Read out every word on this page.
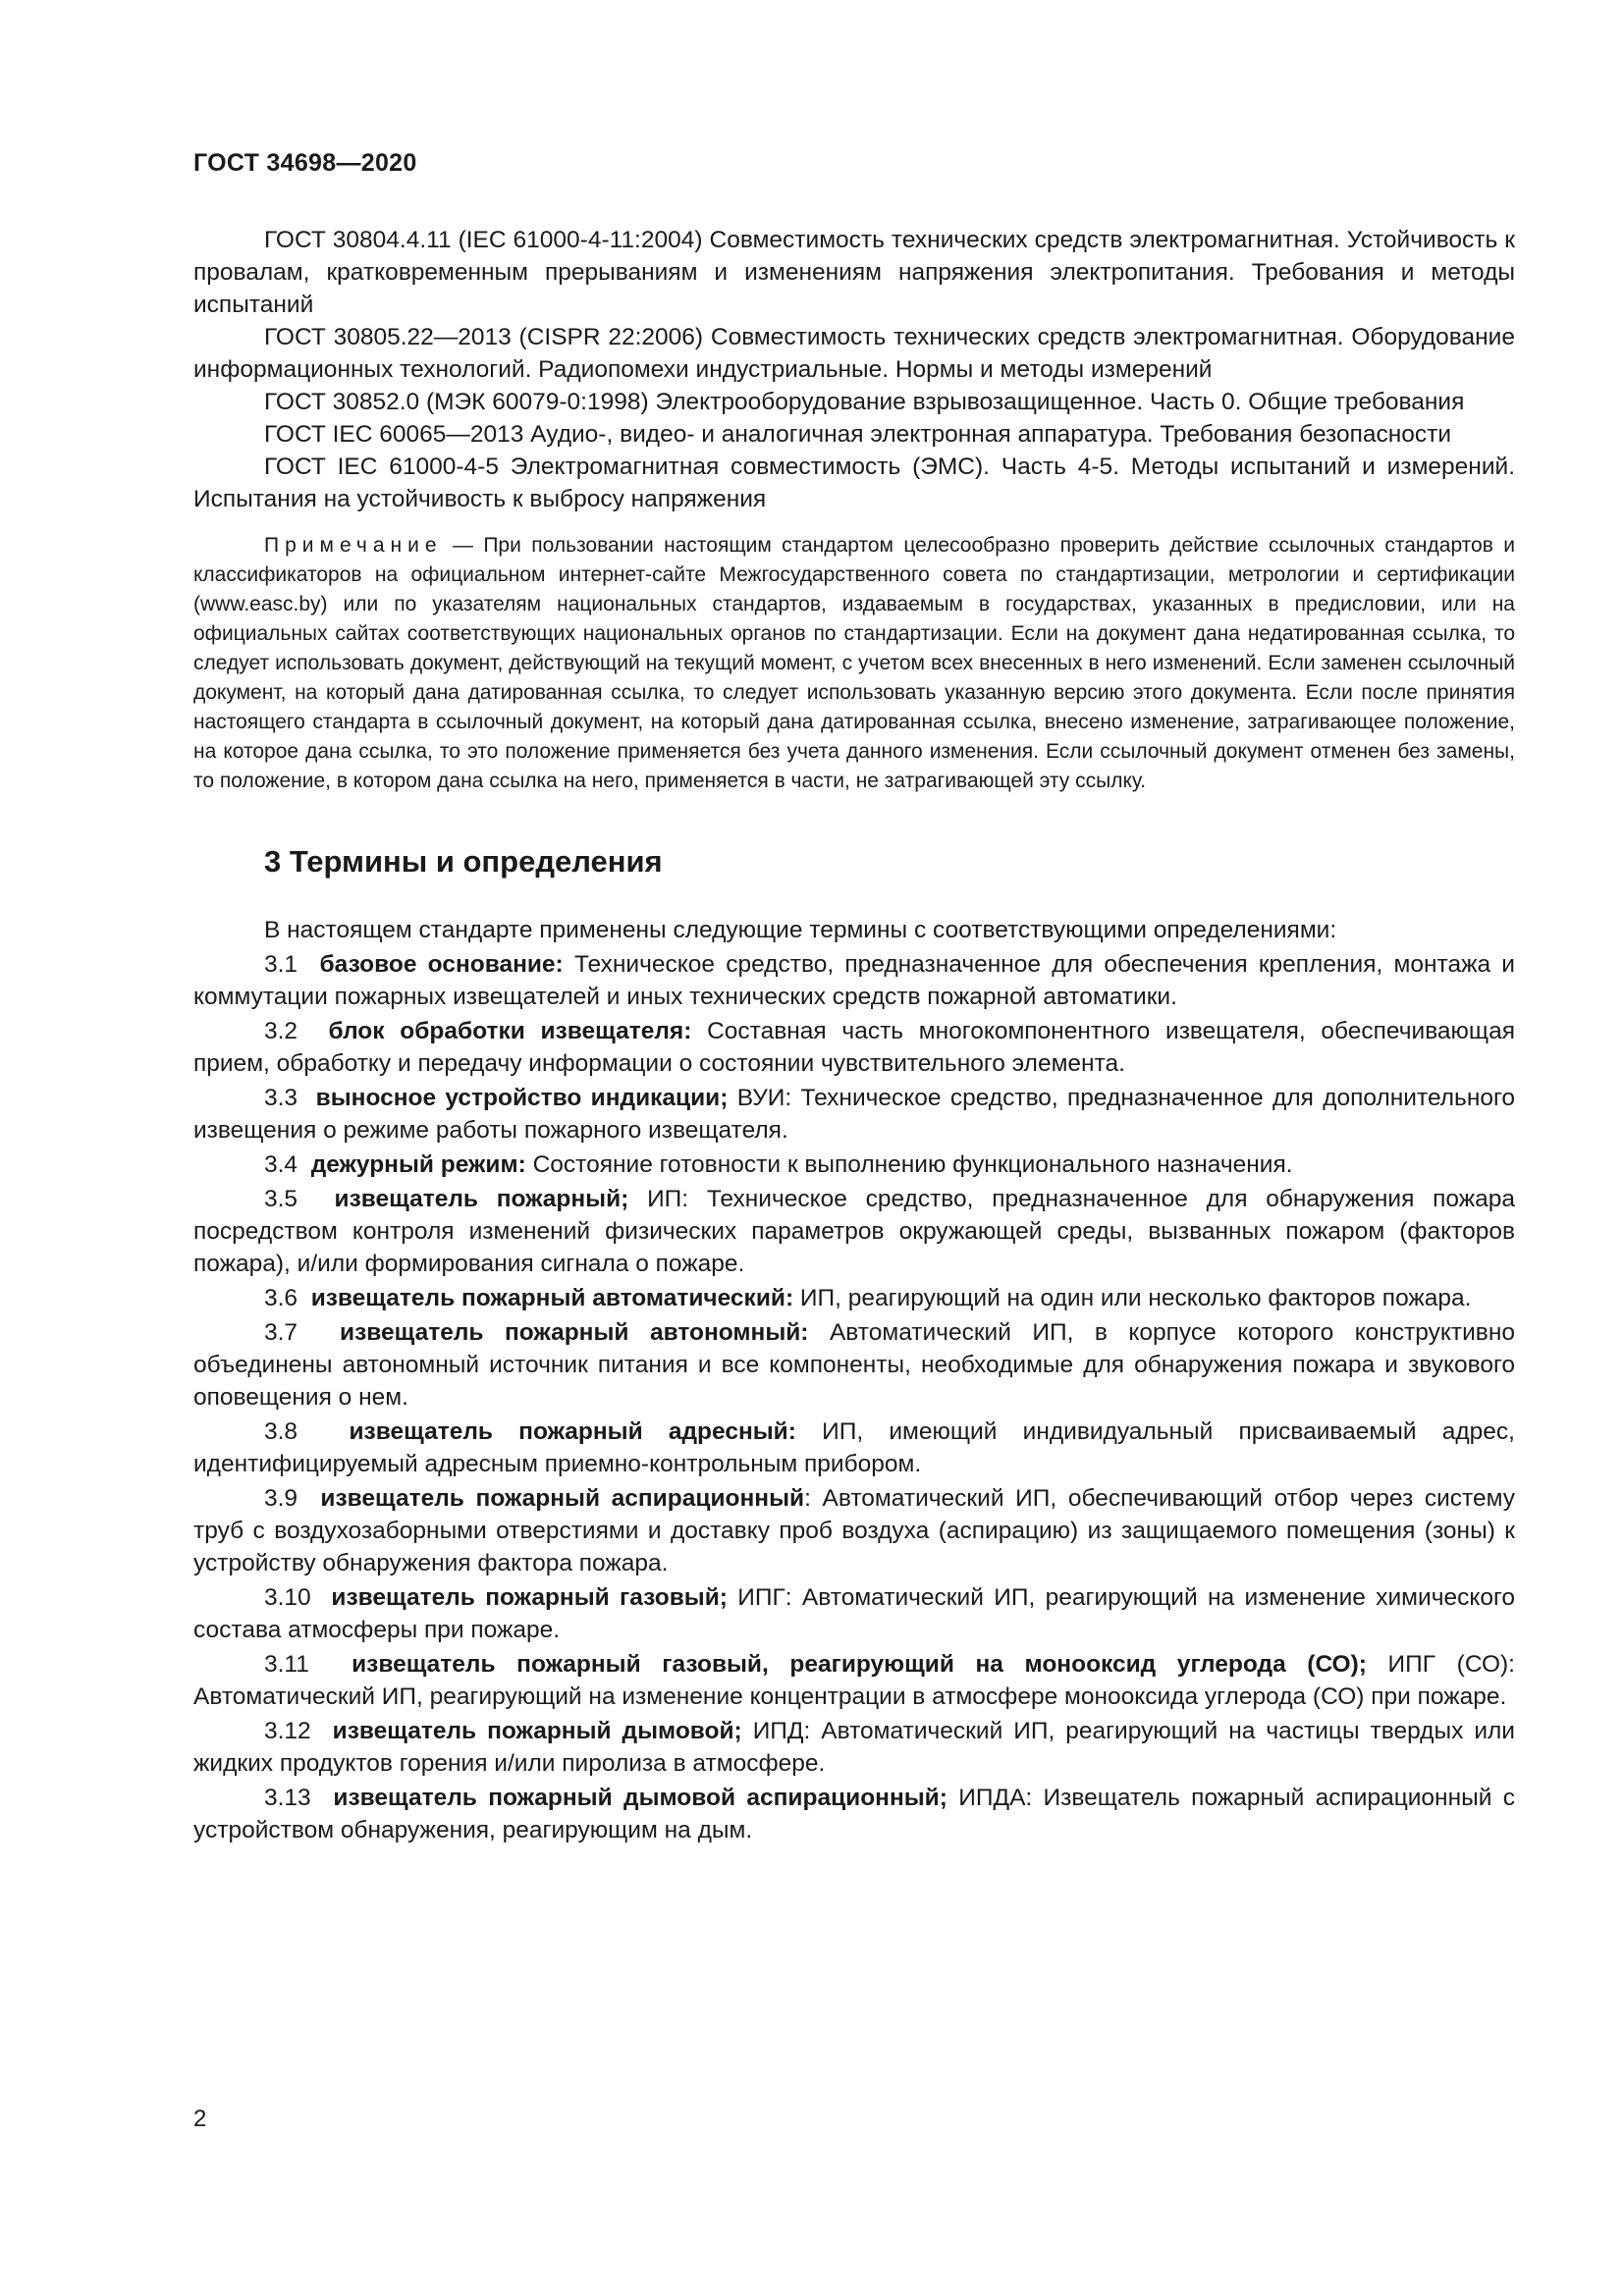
ГОСТ 34698—2020

ГОСТ 30804.4.11 (IEC 61000-4-11:2004) Совместимость технических средств электромагнитная. Устойчивость к провалам, кратковременным прерываниям и изменениям напряжения электропитания. Требования и методы испытаний

ГОСТ 30805.22—2013 (CISPR 22:2006) Совместимость технических средств электромагнитная. Оборудование информационных технологий. Радиопомехи индустриальные. Нормы и методы измерений

ГОСТ 30852.0 (МЭК 60079-0:1998) Электрооборудование взрывозащищенное. Часть 0. Общие требования

ГОСТ IEC 60065—2013 Аудио-, видео- и аналогичная электронная аппаратура. Требования безопасности

ГОСТ IEC 61000-4-5 Электромагнитная совместимость (ЭМС). Часть 4-5. Методы испытаний и измерений. Испытания на устойчивость к выбросу напряжения

Примечание — При пользовании настоящим стандартом целесообразно проверить действие ссылочных стандартов и классификаторов на официальном интернет-сайте Межгосударственного совета по стандартизации, метрологии и сертификации (www.easc.by) или по указателям национальных стандартов, издаваемым в государствах, указанных в предисловии, или на официальных сайтах соответствующих национальных органов по стандартизации. Если на документ дана недатированная ссылка, то следует использовать документ, действующий на текущий момент, с учетом всех внесенных в него изменений. Если заменен ссылочный документ, на который дана датированная ссылка, то следует использовать указанную версию этого документа. Если после принятия настоящего стандарта в ссылочный документ, на который дана датированная ссылка, внесено изменение, затрагивающее положение, на которое дана ссылка, то это положение применяется без учета данного изменения. Если ссылочный документ отменен без замены, то положение, в котором дана ссылка на него, применяется в части, не затрагивающей эту ссылку.
3 Термины и определения

В настоящем стандарте применены следующие термины с соответствующими определениями:

3.1 базовое основание: Техническое средство, предназначенное для обеспечения крепления, монтажа и коммутации пожарных извещателей и иных технических средств пожарной автоматики.

3.2 блок обработки извещателя: Составная часть многокомпонентного извещателя, обеспечивающая прием, обработку и передачу информации о состоянии чувствительного элемента.

3.3 выносное устройство индикации; ВУИ: Техническое средство, предназначенное для дополнительного извещения о режиме работы пожарного извещателя.

3.4 дежурный режим: Состояние готовности к выполнению функционального назначения.

3.5 извещатель пожарный; ИП: Техническое средство, предназначенное для обнаружения пожара посредством контроля изменений физических параметров окружающей среды, вызванных пожаром (факторов пожара), и/или формирования сигнала о пожаре.

3.6 извещатель пожарный автоматический: ИП, реагирующий на один или несколько факторов пожара.

3.7 извещатель пожарный автономный: Автоматический ИП, в корпусе которого конструктивно объединены автономный источник питания и все компоненты, необходимые для обнаружения пожара и звукового оповещения о нем.

3.8 извещатель пожарный адресный: ИП, имеющий индивидуальный присваиваемый адрес, идентифицируемый адресным приемно-контрольным прибором.

3.9 извещатель пожарный аспирационный: Автоматический ИП, обеспечивающий отбор через систему труб с воздухозаборными отверстиями и доставку проб воздуха (аспирацию) из защищаемого помещения (зоны) к устройству обнаружения фактора пожара.

3.10 извещатель пожарный газовый; ИПГ: Автоматический ИП, реагирующий на изменение химического состава атмосферы при пожаре.

3.11 извещатель пожарный газовый, реагирующий на монооксид углерода (СО); ИПГ (СО): Автоматический ИП, реагирующий на изменение концентрации в атмосфере монооксида углерода (СО) при пожаре.

3.12 извещатель пожарный дымовой; ИПД: Автоматический ИП, реагирующий на частицы твердых или жидких продуктов горения и/или пиролиза в атмосфере.

3.13 извещатель пожарный дымовой аспирационный; ИПДА: Извещатель пожарный аспирационный с устройством обнаружения, реагирующим на дым.

2
